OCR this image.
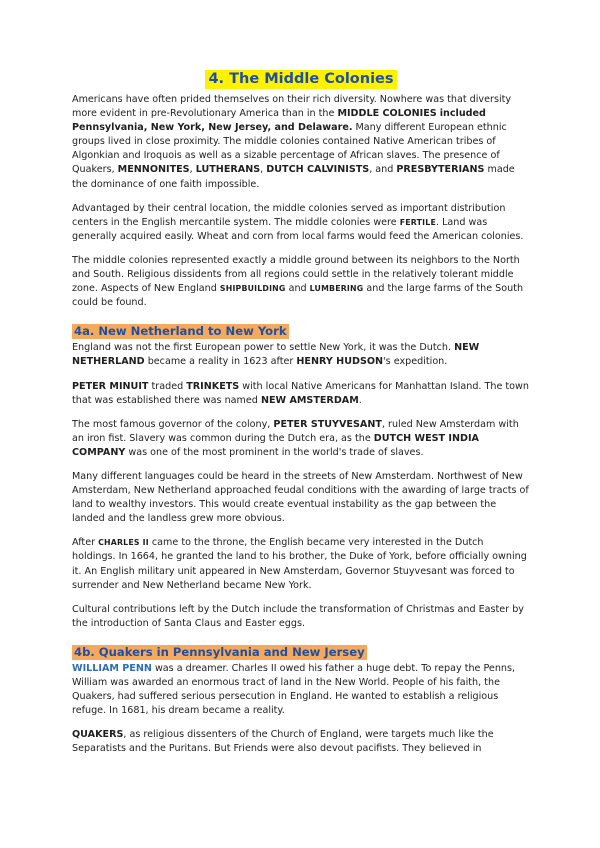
4. The Middle Colonies

Americans have often prided themselves on their rich diversity. Nowhere was that diversity more evident in pre-Revolutionary America than in the MIDDLE COLONIES included Pennsylvania, New York, New Jersey, and Delaware. Many different European ethnic groups lived in close proximity. The middle colonies contained Native American tribes of Algonkian and Iroquois as well as a sizable percentage of African slaves. The presence of Quakers, MENNONITES, LUTHERANS, DUTCH CALVINISTS, and PRESBYTERIANS made the dominance of one faith impossible.

Advantaged by their central location, the middle colonies served as important distribution centers in the English mercantile system. The middle colonies were FERTILE. Land was generally acquired easily. Wheat and corn from local farms would feed the American colonies.

The middle colonies represented exactly a middle ground between its neighbors to the North and South. Religious dissidents from all regions could settle in the relatively tolerant middle zone. Aspects of New England SHIPBUILDING and LUMBERING and the large farms of the South could be found.

4a. New Netherland to New York

England was not the first European power to settle New York, it was the Dutch. NEW NETHERLAND became a reality in 1623 after HENRY HUDSON's expedition.

PETER MINUIT traded TRINKETS with local Native Americans for Manhattan Island. The town that was established there was named NEW AMSTERDAM.

The most famous governor of the colony, PETER STUYVESANT, ruled New Amsterdam with an iron fist. Slavery was common during the Dutch era, as the DUTCH WEST INDIA COMPANY was one of the most prominent in the world's trade of slaves.

Many different languages could be heard in the streets of New Amsterdam. Northwest of New Amsterdam, New Netherland approached feudal conditions with the awarding of large tracts of land to wealthy investors. This would create eventual instability as the gap between the landed and the landless grew more obvious.

After CHARLES II came to the throne, the English became very interested in the Dutch holdings. In 1664, he granted the land to his brother, the Duke of York, before officially owning it. An English military unit appeared in New Amsterdam, Governor Stuyvesant was forced to surrender and New Netherland became New York.

Cultural contributions left by the Dutch include the transformation of Christmas and Easter by the introduction of Santa Claus and Easter eggs.

4b. Quakers in Pennsylvania and New Jersey

WILLIAM PENN was a dreamer. Charles II owed his father a huge debt. To repay the Penns, William was awarded an enormous tract of land in the New World. People of his faith, the Quakers, had suffered serious persecution in England. He wanted to establish a religious refuge. In 1681, his dream became a reality.

QUAKERS, as religious dissenters of the Church of England, were targets much like the Separatists and the Puritans. But Friends were also devout pacifists. They believed in
